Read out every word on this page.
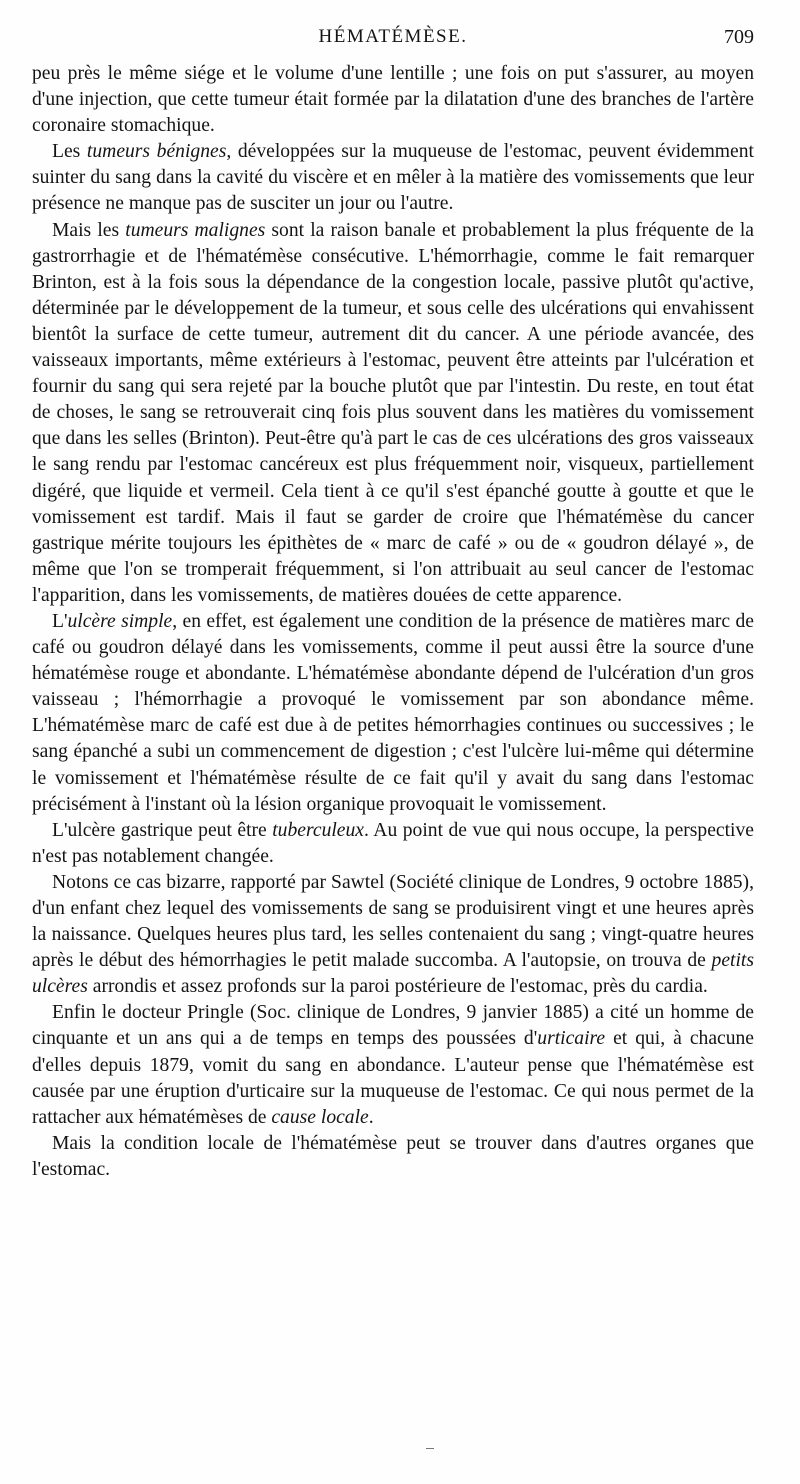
HÉMATÉMÈSE.	709

peu près le même siége et le volume d'une lentille ; une fois on put s'assurer, au moyen d'une injection, que cette tumeur était formée par la dilatation d'une des branches de l'artère coronaire stomachique.

Les tumeurs bénignes, développées sur la muqueuse de l'estomac, peuvent évidemment suinter du sang dans la cavité du viscère et en mêler à la matière des vomissements que leur présence ne manque pas de susciter un jour ou l'autre.

Mais les tumeurs malignes sont la raison banale et probablement la plus fréquente de la gastrorrhagie et de l'hématémèse consécutive. L'hémorrhagie, comme le fait remarquer Brinton, est à la fois sous la dépendance de la congestion locale, passive plutôt qu'active, déterminée par le développement de la tumeur, et sous celle des ulcérations qui envahissent bientôt la surface de cette tumeur, autrement dit du cancer. A une période avancée, des vaisseaux importants, même extérieurs à l'estomac, peuvent être atteints par l'ulcération et fournir du sang qui sera rejeté par la bouche plutôt que par l'intestin. Du reste, en tout état de choses, le sang se retrouverait cinq fois plus souvent dans les matières du vomissement que dans les selles (Brinton). Peut-être qu'à part le cas de ces ulcérations des gros vaisseaux le sang rendu par l'estomac cancéreux est plus fréquemment noir, visqueux, partiellement digéré, que liquide et vermeil. Cela tient à ce qu'il s'est épanché goutte à goutte et que le vomissement est tardif. Mais il faut se garder de croire que l'hématémèse du cancer gastrique mérite toujours les épithètes de « marc de café » ou de « goudron délayé », de même que l'on se tromperait fréquemment, si l'on attribuait au seul cancer de l'estomac l'apparition, dans les vomissements, de matières douées de cette apparence.

L'ulcère simple, en effet, est également une condition de la présence de matières marc de café ou goudron délayé dans les vomissements, comme il peut aussi être la source d'une hématémèse rouge et abondante. L'hématémèse abondante dépend de l'ulcération d'un gros vaisseau ; l'hémorrhagie a provoqué le vomissement par son abondance même. L'hématémèse marc de café est due à de petites hémorrhagies continues ou successives ; le sang épanché a subi un commencement de digestion ; c'est l'ulcère lui-même qui détermine le vomissement et l'hématémèse résulte de ce fait qu'il y avait du sang dans l'estomac précisément à l'instant où la lésion organique provoquait le vomissement.

L'ulcère gastrique peut être tuberculeux. Au point de vue qui nous occupe, la perspective n'est pas notablement changée.

Notons ce cas bizarre, rapporté par Sawtel (Société clinique de Londres, 9 octobre 1885), d'un enfant chez lequel des vomissements de sang se produisirent vingt et une heures après la naissance. Quelques heures plus tard, les selles contenaient du sang ; vingt-quatre heures après le début des hémorrhagies le petit malade succomba. A l'autopsie, on trouva de petits ulcères arrondis et assez profonds sur la paroi postérieure de l'estomac, près du cardia.

Enfin le docteur Pringle (Soc. clinique de Londres, 9 janvier 1885) a cité un homme de cinquante et un ans qui a de temps en temps des poussées d'urticaire et qui, à chacune d'elles depuis 1879, vomit du sang en abondance. L'auteur pense que l'hématémèse est causée par une éruption d'urticaire sur la muqueuse de l'estomac. Ce qui nous permet de la rattacher aux hématémèses de cause locale.

Mais la condition locale de l'hématémèse peut se trouver dans d'autres organes que l'estomac.
